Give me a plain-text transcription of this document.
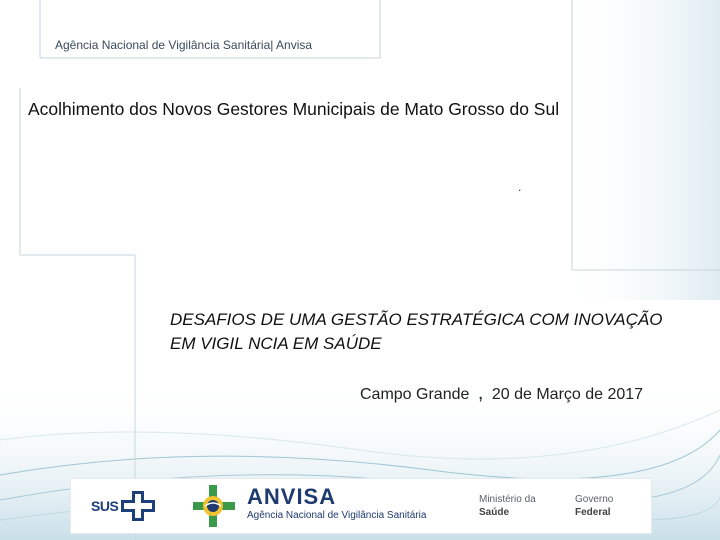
Agência Nacional de Vigilância Sanitária| Anvisa
Acolhimento dos Novos Gestores Municipais de Mato Grosso do Sul
.
DESAFIOS DE UMA GESTÃO ESTRATÉGICA COM INOVAÇÃO EM VIGIL NCIA EM SAÚDE
Campo Grande , 20 de Março de 2017
SUS	ANVISA
Agência Nacional de Vigilância Sanitária
Ministério da
Saúde
Governo
Federal
